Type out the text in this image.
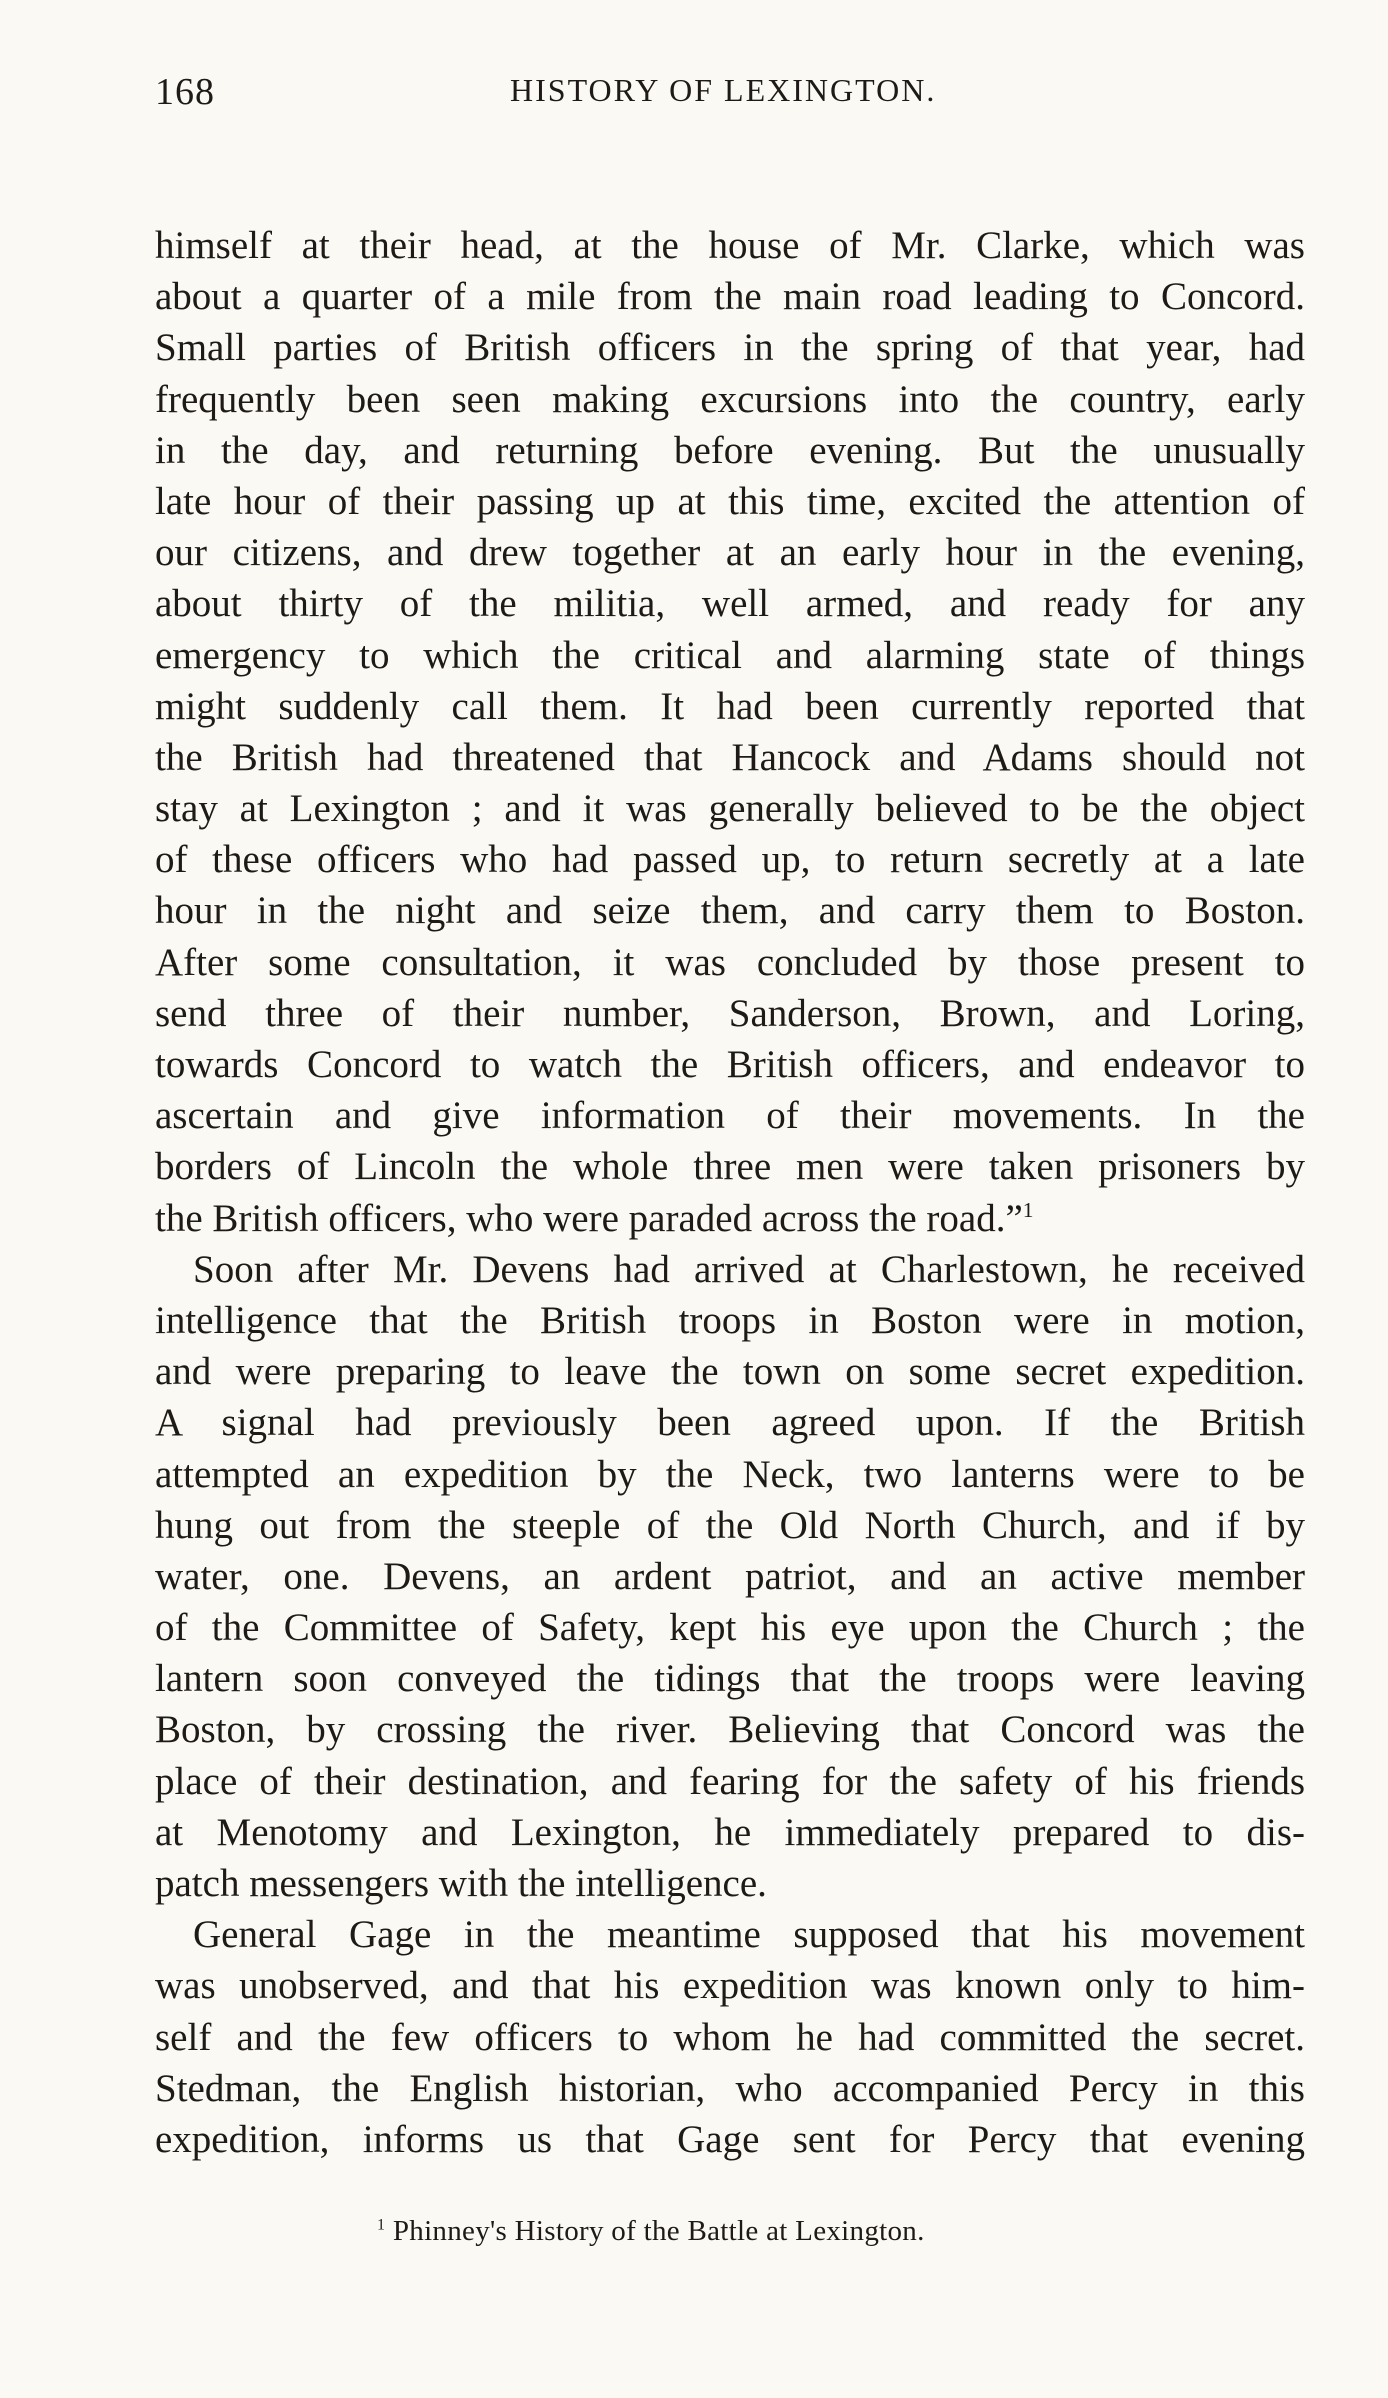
168	HISTORY OF LEXINGTON.
himself at their head, at the house of Mr. Clarke, which was
about a quarter of a mile from the main road leading to Concord.
Small parties of British officers in the spring of that year, had
frequently been seen making excursions into the country, early
in the day, and returning before evening. But the unusually
late hour of their passing up at this time, excited the attention of
our citizens, and drew together at an early hour in the evening,
about thirty of the militia, well armed, and ready for any
emergency to which the critical and alarming state of things
might suddenly call them. It had been currently reported that
the British had threatened that Hancock and Adams should not
stay at Lexington ; and it was generally believed to be the object
of these officers who had passed up, to return secretly at a late
hour in the night and seize them, and carry them to Boston.
After some consultation, it was concluded by those present to
send three of their number, Sanderson, Brown, and Loring,
towards Concord to watch the British officers, and endeavor to
ascertain and give information of their movements. In the
borders of Lincoln the whole three men were taken prisoners by
the British officers, who were paraded across the road.”$^1$
Soon after Mr. Devens had arrived at Charlestown, he received
intelligence that the British troops in Boston were in motion,
and were preparing to leave the town on some secret expedition.
A signal had previously been agreed upon. If the British
attempted an expedition by the Neck, two lanterns were to be
hung out from the steeple of the Old North Church, and if by
water, one. Devens, an ardent patriot, and an active member
of the Committee of Safety, kept his eye upon the Church ; the
lantern soon conveyed the tidings that the troops were leaving
Boston, by crossing the river. Believing that Concord was the
place of their destination, and fearing for the safety of his friends
at Menotomy and Lexington, he immediately prepared to dis-
patch messengers with the intelligence.
General Gage in the meantime supposed that his movement
was unobserved, and that his expedition was known only to him-
self and the few officers to whom he had committed the secret.
Stedman, the English historian, who accompanied Percy in this
expedition, informs us that Gage sent for Percy that evening
$^1$ Phinney's History of the Battle at Lexington.
